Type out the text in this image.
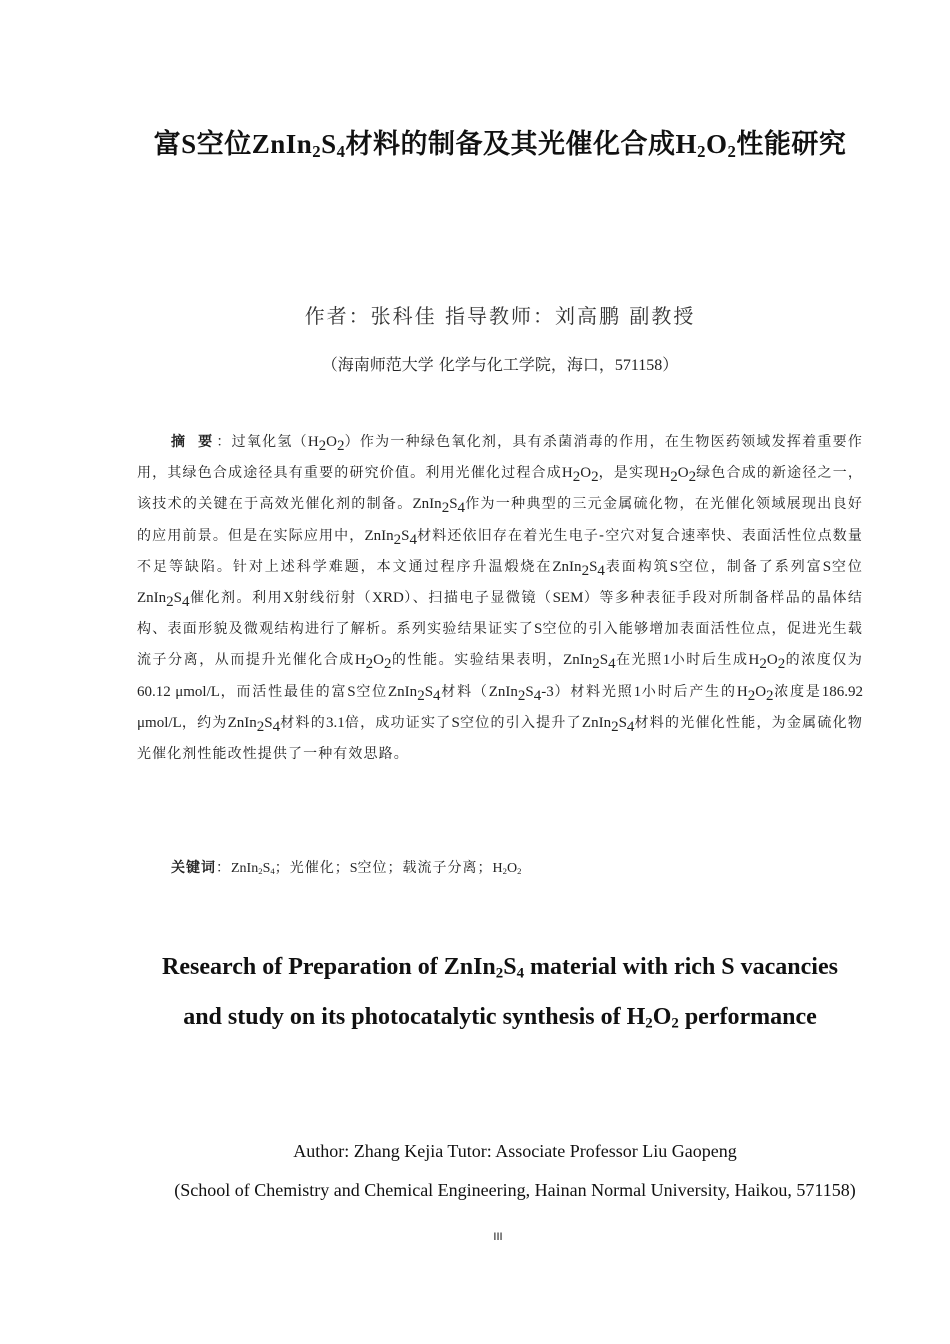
富S空位$ZnIn_2S_4$材料的制备及其光催化合成$H_2O_2$性能研究
作者：张科佳 指导教师：刘高鹏 副教授
（海南师范大学 化学与化工学院，海口，571158）
摘 要：过氧化氢$(H_2O_2)$作为一种绿色氧化剂，具有杀菌消毒的作用，在生物医药领域发挥着重要作用，其绿色合成途径具有重要的研究价值。利用光催化过程合成$H_2O_2$，是实现$H_2O_2$绿色合成的新途径之一，该技术的关键在于高效光催化剂的制备。$ZnIn_2S_4$作为一种典型的三元金属硫化物，在光催化领域展现出良好的应用前景。但是在实际应用中，$ZnIn_2S_4$材料还依旧存在着光生电子-空穴对复合速率快、表面活性位点数量不足等缺陷。针对上述科学难题，本文通过程序升温煅烧在$ZnIn_2S_4$表面构筑S空位，制备了系列富S空位$ZnIn_2S_4$催化剂。利用X射线衍射（XRD）、扫描电子显微镜（SEM）等多种表征手段对所制备样品的晶体结构、表面形貌及微观结构进行了解析。系列实验结果证实了S空位的引入能够增加表面活性位点，促进光生载流子分离，从而提升光催化合成$H_2O_2$的性能。实验结果表明，$ZnIn_2S_4$在光照1小时后生成$H_2O_2$的浓度仅为60.12 μmol/L，而活性最佳的富S空位$ZnIn_2S_4$材料$(ZnIn_2S_4-3)$材料光照1小时后产生的$H_2O_2$浓度是186.92 μmol/L，约为$ZnIn_2S_4$材料的3.1倍，成功证实了S空位的引入提升了$ZnIn_2S_4$材料的光催化性能，为金属硫化物光催化剂性能改性提供了一种有效思路。
关键词：$ZnIn_2S_4$；光催化；S空位；载流子分离；$H_2O_2$
Research of Preparation of $ZnIn_2S_4$ material with rich S vacancies and study on its photocatalytic synthesis of $H_2O_2$ performance
Author: Zhang Kejia Tutor: Associate Professor Liu Gaopeng
(School of Chemistry and Chemical Engineering, Hainan Normal University, Haikou, 571158)
III
